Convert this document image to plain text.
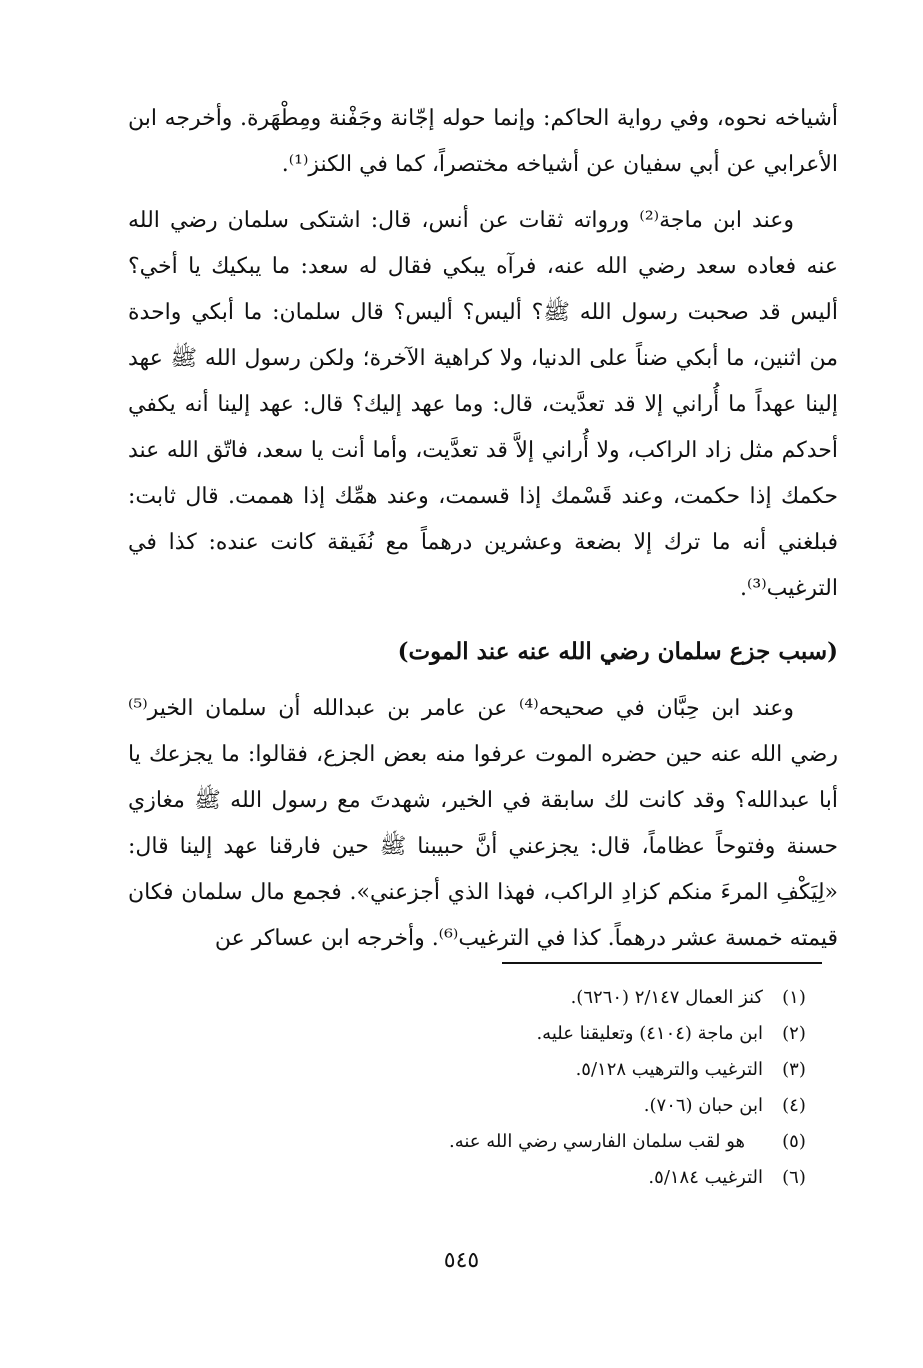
أشياخه نحوه، وفي رواية الحاكم: وإنما حوله إجّانة وجَفْنة ومِطْهَرة. وأخرجه ابن الأعرابي عن أبي سفيان عن أشياخه مختصراً، كما في الكنز⁽¹⁾.

وعند ابن ماجة⁽²⁾ ورواته ثقات عن أنس، قال: اشتكى سلمان رضي الله عنه فعاده سعد رضي الله عنه، فرآه يبكي فقال له سعد: ما يبكيك يا أخي؟ أليس قد صحبت رسول الله ﷺ؟ أليس؟ أليس؟ قال سلمان: ما أبكي واحدة من اثنين، ما أبكي ضناً على الدنيا، ولا كراهية الآخرة؛ ولكن رسول الله ﷺ عهد إلينا عهداً ما أُراني إلا قد تعدَّيت، قال: وما عهد إليك؟ قال: عهد إلينا أنه يكفي أحدكم مثل زاد الراكب، ولا أُراني إلاَّ قد تعدَّيت، وأما أنت يا سعد، فاتّق الله عند حكمك إذا حكمت، وعند قَسْمك إذا قسمت، وعند همِّك إذا هممت. قال ثابت: فبلغني أنه ما ترك إلا بضعة وعشرين درهماً مع نُفَيقة كانت عنده: كذا في الترغيب⁽³⁾.

(سبب جزع سلمان رضي الله عنه عند الموت)

وعند ابن حِبَّان في صحيحه⁽⁴⁾ عن عامر بن عبدالله أن سلمان الخير⁽⁵⁾ رضي الله عنه حين حضره الموت عرفوا منه بعض الجزع، فقالوا: ما يجزعك يا أبا عبدالله؟ وقد كانت لك سابقة في الخير، شهدتَ مع رسول الله ﷺ مغازي حسنة وفتوحاً عظاماً، قال: يجزعني أنَّ حبيبنا ﷺ حين فارقنا عهد إلينا قال: «لِيَكْفِ المرءَ منكم كزادِ الراكب، فهذا الذي أجزعني». فجمع مال سلمان فكان قيمته خمسة عشر درهماً. كذا في الترغيب⁽⁶⁾. وأخرجه ابن عساكر عن

(١)
كنز العمال ٢/١٤٧ (٦٢٦٠).
(٢)
ابن ماجة (٤١٠٤) وتعليقنا عليه.
(٣)
الترغيب والترهيب ٥/١٢٨.
(٤)
ابن حبان (٧٠٦).
(٥)
هو لقب سلمان الفارسي رضي الله عنه.
(٦)
الترغيب ٥/١٨٤.
٥٤٥
